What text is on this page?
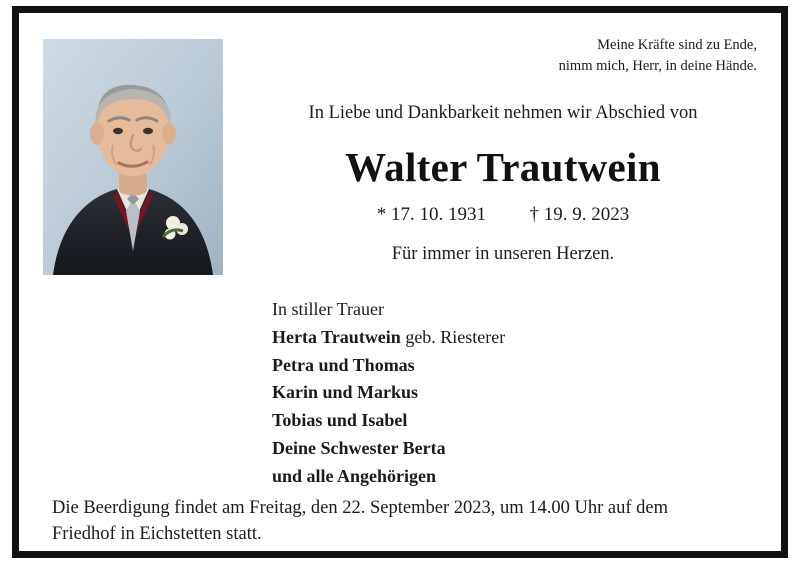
Meine Kräfte sind zu Ende,
nimm mich, Herr, in deine Hände.
In Liebe und Dankbarkeit nehmen wir Abschied von
Walter Trautwein
* 17. 10. 1931 † 19. 9. 2023
Für immer in unseren Herzen.
In stiller Trauer
Herta Trautwein geb. Riesterer
Petra und Thomas
Karin und Markus
Tobias und Isabel
Deine Schwester Berta
und alle Angehörigen
Die Beerdigung findet am Freitag, den 22. September 2023, um 14.00 Uhr auf dem
Friedhof in Eichstetten statt.
